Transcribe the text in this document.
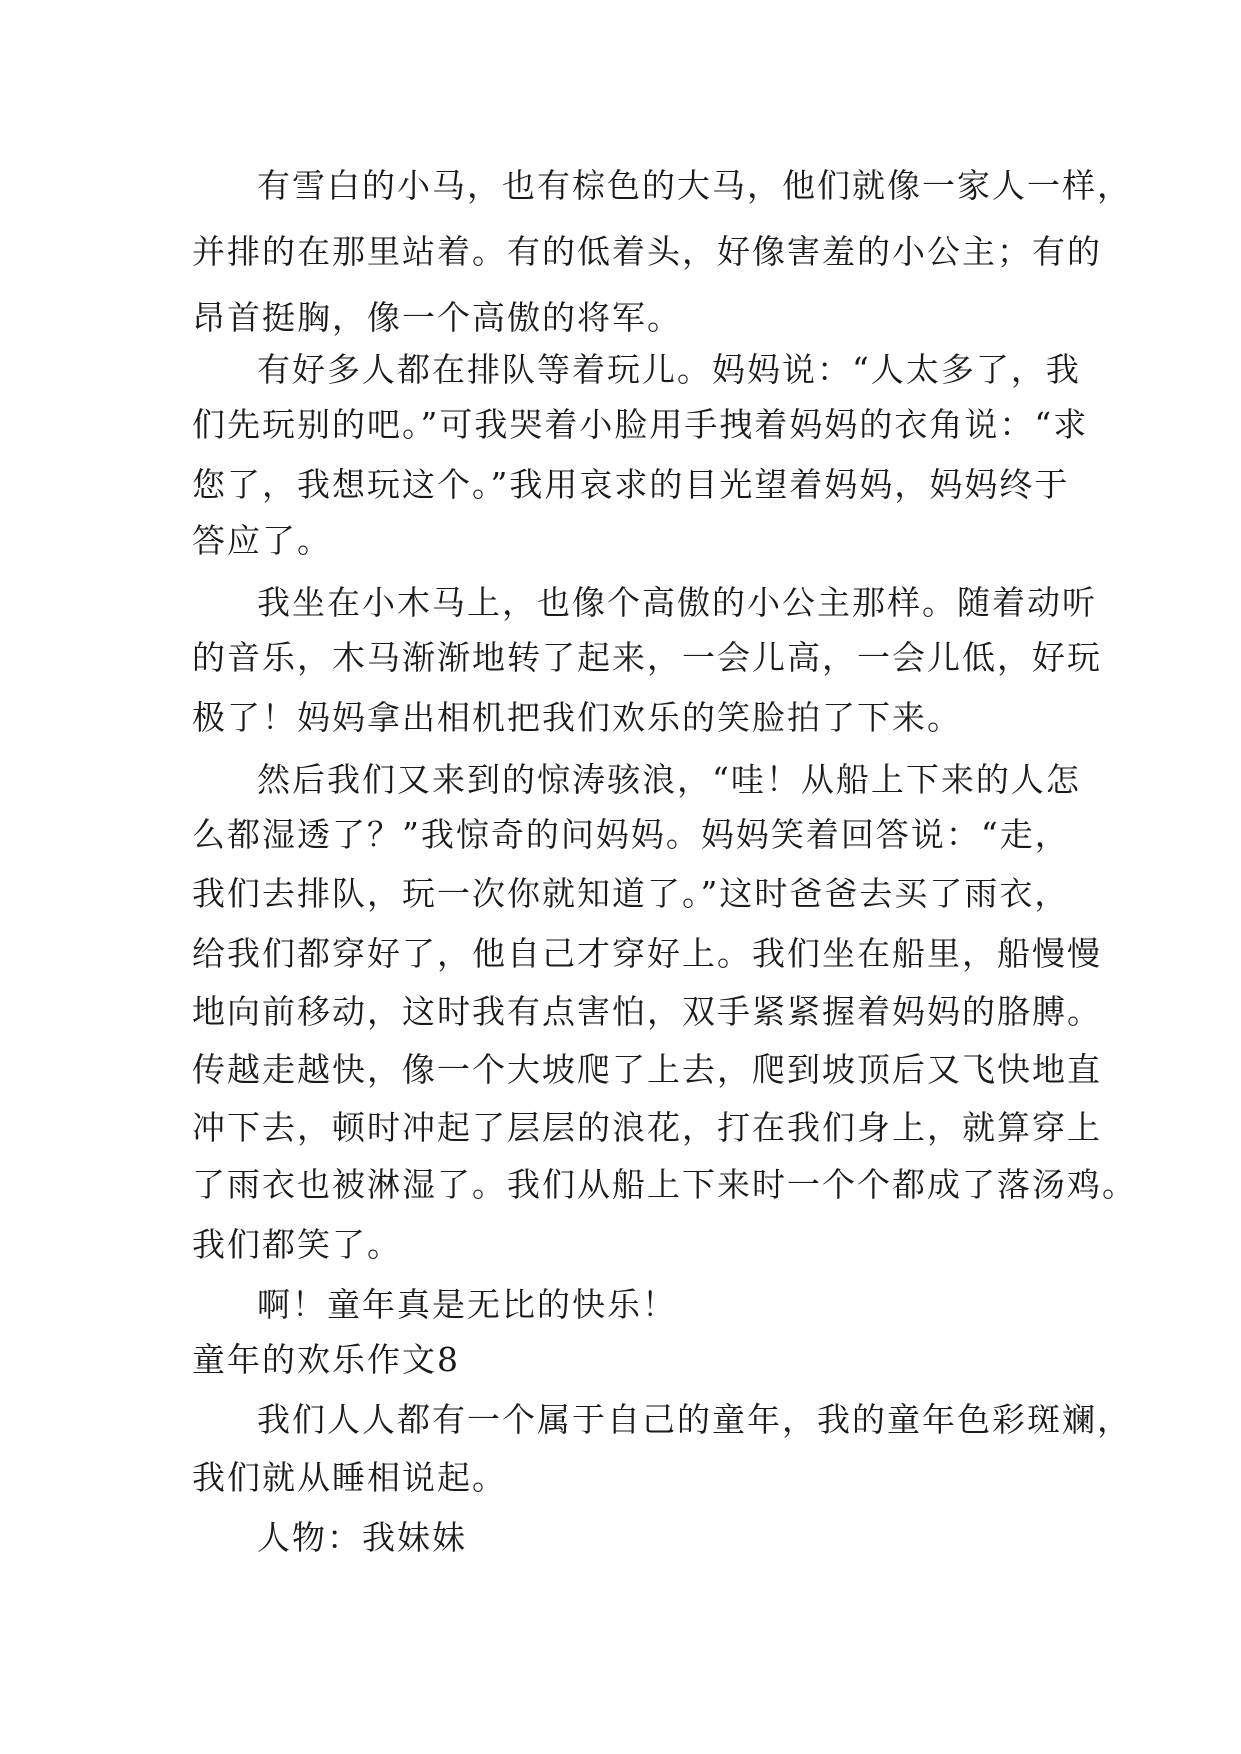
有雪白的小马，也有棕色的大马，他们就像一家人一样，
并排的在那里站着。有的低着头，好像害羞的小公主；有的
昂首挺胸，像一个高傲的将军。
有好多人都在排队等着玩儿。妈妈说：“人太多了，我
们先玩别的吧。”可我哭着小脸用手拽着妈妈的衣角说：“求
您了，我想玩这个。”我用哀求的目光望着妈妈，妈妈终于
答应了。
我坐在小木马上，也像个高傲的小公主那样。随着动听
的音乐，木马渐渐地转了起来，一会儿高，一会儿低，好玩
极了！妈妈拿出相机把我们欢乐的笑脸拍了下来。
然后我们又来到的惊涛骇浪，“哇！从船上下来的人怎
么都湿透了？”我惊奇的问妈妈。妈妈笑着回答说：“走，
我们去排队，玩一次你就知道了。”这时爸爸去买了雨衣，
给我们都穿好了，他自己才穿好上。我们坐在船里，船慢慢
地向前移动，这时我有点害怕，双手紧紧握着妈妈的胳膊。
传越走越快，像一个大坡爬了上去，爬到坡顶后又飞快地直
冲下去，顿时冲起了层层的浪花，打在我们身上，就算穿上
了雨衣也被淋湿了。我们从船上下来时一个个都成了落汤鸡。
我们都笑了。
啊！童年真是无比的快乐！
童年的欢乐作文8
我们人人都有一个属于自己的童年，我的童年色彩斑斓，
我们就从睡相说起。
人物：我妹妹
